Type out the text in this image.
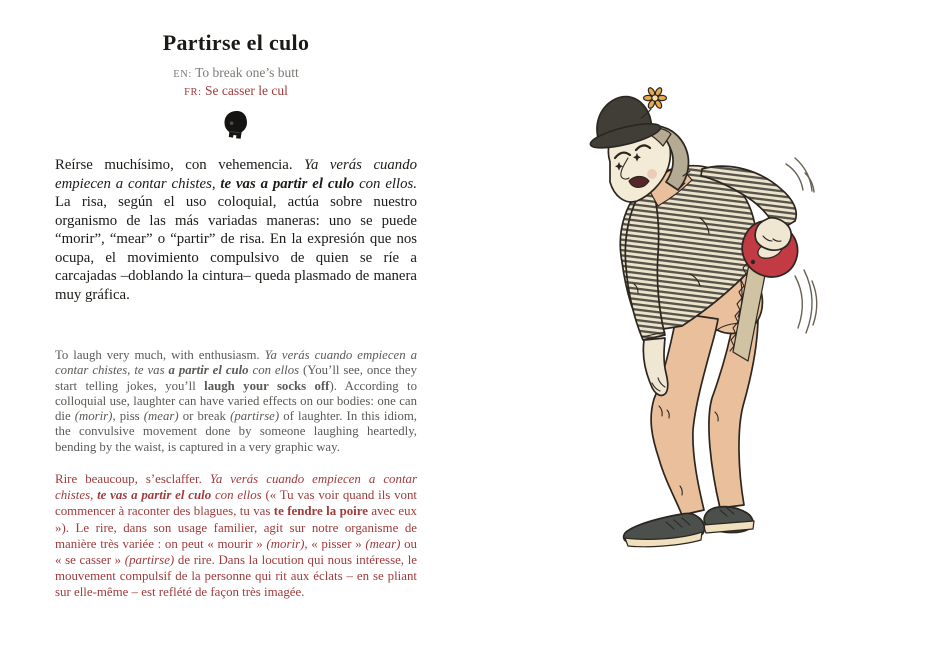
Partirse el culo

EN: To break one’s butt

FR: Se casser le cul

Reírse muchísimo, con vehemencia. Ya verás cuando empiecen a contar chistes, te vas a partir el culo con ellos. La risa, según el uso coloquial, actúa sobre nuestro organismo de las más variadas maneras: uno se puede “morir”, “mear” o “partir” de risa. En la expresión que nos ocupa, el movimiento compulsivo de quien se ríe a carcajadas –doblando la cintura– queda plasmado de manera muy gráfica.

To laugh very much, with enthusiasm. Ya verás cuando empiecen a contar chistes, te vas a partir el culo con ellos (You’ll see, once they start telling jokes, you’ll laugh your socks off). According to colloquial use, laughter can have varied effects on our bodies: one can die (morir), piss (mear) or break (partirse) of laughter. In this idiom, the convulsive movement done by someone laughing heartedly, bending by the waist, is captured in a very graphic way.

Rire beaucoup, s’esclaffer. Ya verás cuando empiecen a contar chistes, te vas a partir el culo con ellos (« Tu vas voir quand ils vont commencer à raconter des blagues, tu vas te fendre la poire avec eux »). Le rire, dans son usage familier, agit sur notre organisme de manière très variée : on peut « mourir » (morir), « pisser » (mear) ou « se casser » (partirse) de rire. Dans la locution qui nous intéresse, le mouvement compulsif de la personne qui rit aux éclats – en se pliant sur elle-même – est reflété de façon très imagée.
